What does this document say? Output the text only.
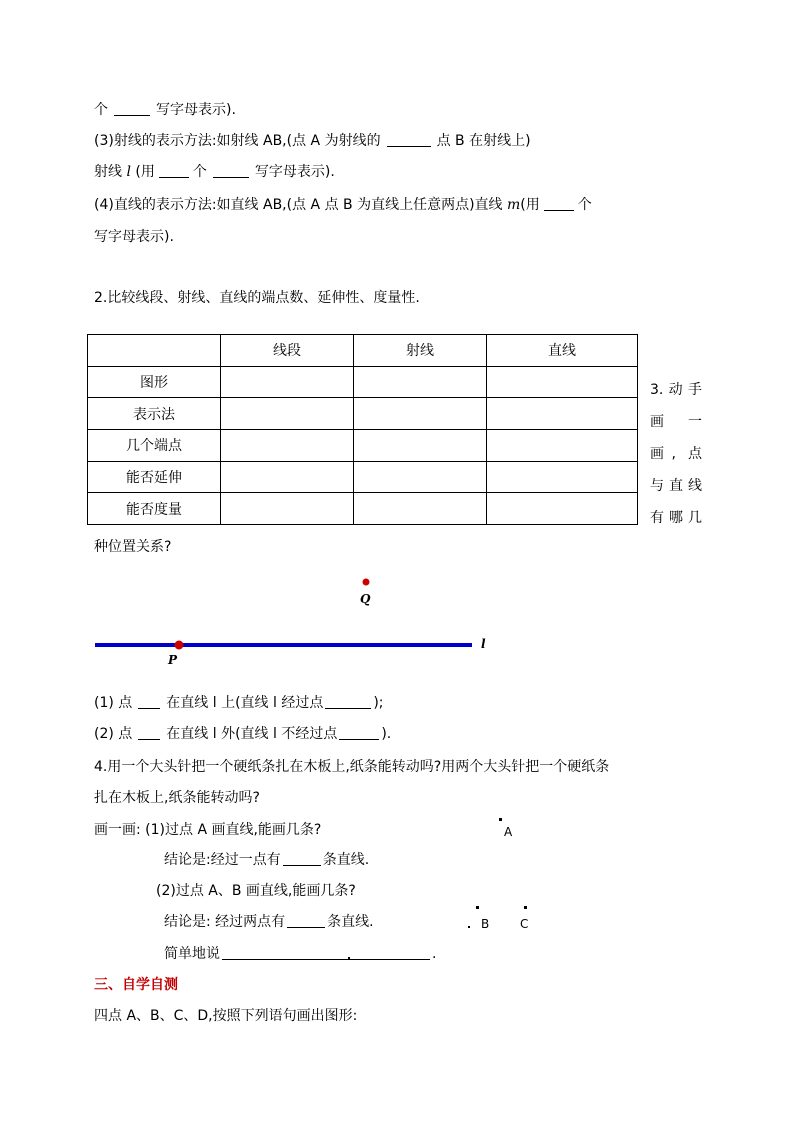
个	写字母表示).
(3)射线的表示方法:如射线 AB,(点 A 为射线的	点 B 在射线上)
射线 l (用	个	写字母表示).
(4)直线的表示方法:如直线 AB,(点 A 点 B 为直线上任意两点)直线 m(用	个
写字母表示).
2.比较线段、射线、直线的端点数、延伸性、度量性.
	线段	射线	直线
图形			
表示法			
几个端点			
能否延伸			
能否度量			
3.动手
画 一
画, 点
与直线
有哪几
种位置关系?
Q
P
l
(1) 点 在直线 l 上(直线 l 经过点	);
(2) 点 在直线 l 外(直线 l 不经过点	).
4.用一个大头针把一个硬纸条扎在木板上,纸条能转动吗?用两个大头针把一个硬纸条
扎在木板上,纸条能转动吗?
画一画: (1)过点 A 画直线,能画几条?	A
结论是:经过一点有	条直线.
(2)过点 A、B 画直线,能画几条?
结论是: 经过两点有	条直线.	B	C
简单地说	.
三、自学自测
四点 A、B、C、D,按照下列语句画出图形:
